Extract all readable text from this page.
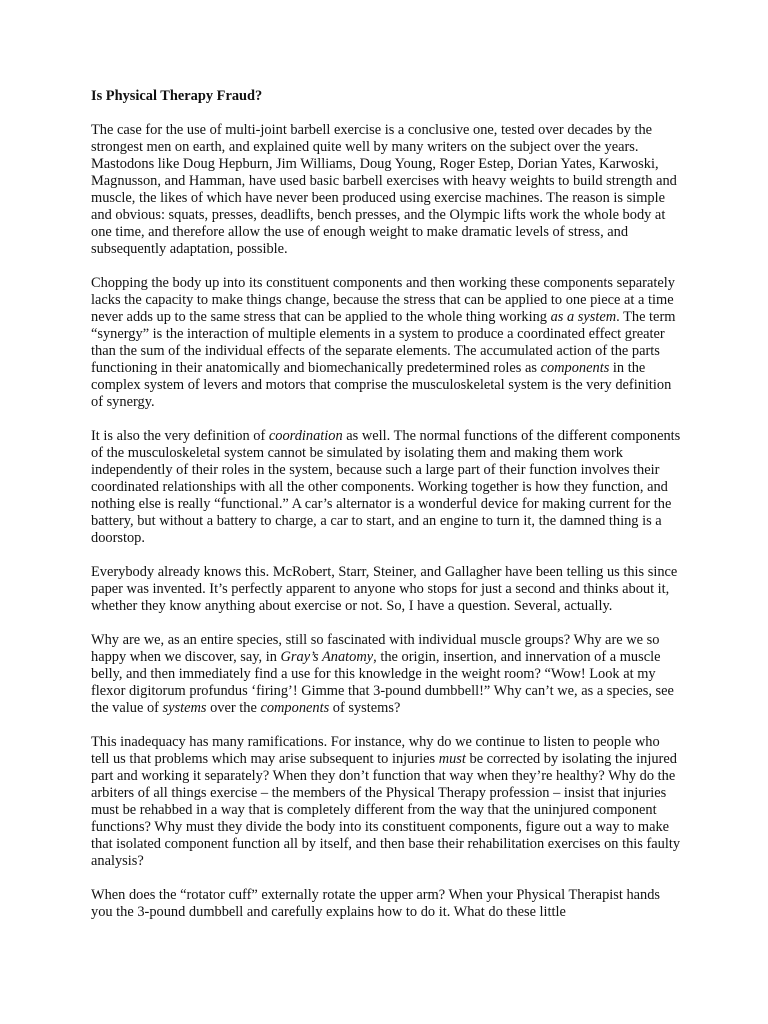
Is Physical Therapy Fraud?

The case for the use of multi-joint barbell exercise is a conclusive one, tested over decades by the strongest men on earth, and explained quite well by many writers on the subject over the years. Mastodons like Doug Hepburn, Jim Williams, Doug Young, Roger Estep, Dorian Yates, Karwoski, Magnusson, and Hamman, have used basic barbell exercises with heavy weights to build strength and muscle, the likes of which have never been produced using exercise machines. The reason is simple and obvious: squats, presses, deadlifts, bench presses, and the Olympic lifts work the whole body at one time, and therefore allow the use of enough weight to make dramatic levels of stress, and subsequently adaptation, possible.

Chopping the body up into its constituent components and then working these components separately lacks the capacity to make things change, because the stress that can be applied to one piece at a time never adds up to the same stress that can be applied to the whole thing working as a system. The term “synergy” is the interaction of multiple elements in a system to produce a coordinated effect greater than the sum of the individual effects of the separate elements. The accumulated action of the parts functioning in their anatomically and biomechanically predetermined roles as components in the complex system of levers and motors that comprise the musculoskeletal system is the very definition of synergy.

It is also the very definition of coordination as well. The normal functions of the different components of the musculoskeletal system cannot be simulated by isolating them and making them work independently of their roles in the system, because such a large part of their function involves their coordinated relationships with all the other components. Working together is how they function, and nothing else is really “functional.” A car’s alternator is a wonderful device for making current for the battery, but without a battery to charge, a car to start, and an engine to turn it, the damned thing is a doorstop.

Everybody already knows this. McRobert, Starr, Steiner, and Gallagher have been telling us this since paper was invented. It’s perfectly apparent to anyone who stops for just a second and thinks about it, whether they know anything about exercise or not. So, I have a question. Several, actually.

Why are we, as an entire species, still so fascinated with individual muscle groups? Why are we so happy when we discover, say, in Gray’s Anatomy, the origin, insertion, and innervation of a muscle belly, and then immediately find a use for this knowledge in the weight room? “Wow! Look at my flexor digitorum profundus ‘firing’! Gimme that 3-pound dumbbell!” Why can’t we, as a species, see the value of systems over the components of systems?

This inadequacy has many ramifications. For instance, why do we continue to listen to people who tell us that problems which may arise subsequent to injuries must be corrected by isolating the injured part and working it separately? When they don’t function that way when they’re healthy? Why do the arbiters of all things exercise – the members of the Physical Therapy profession – insist that injuries must be rehabbed in a way that is completely different from the way that the uninjured component functions? Why must they divide the body into its constituent components, figure out a way to make that isolated component function all by itself, and then base their rehabilitation exercises on this faulty analysis?

When does the “rotator cuff” externally rotate the upper arm? When your Physical Therapist hands you the 3-pound dumbbell and carefully explains how to do it. What do these little
